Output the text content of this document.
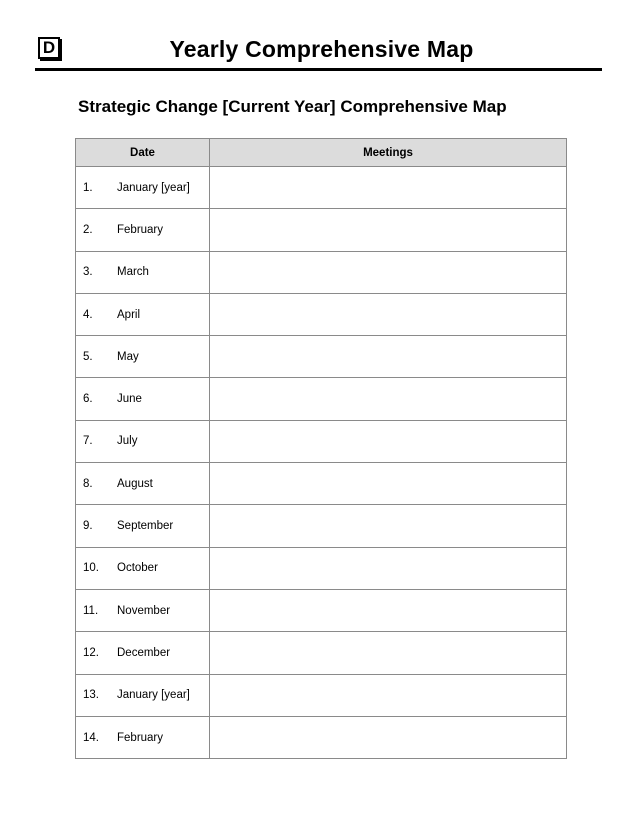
D	Yearly Comprehensive Map
Strategic Change [Current Year] Comprehensive Map
Date	Meetings
1. January [year]	
2. February	
3. March	
4. April	
5. May	
6. June	
7. July	
8. August	
9. September	
10. October	
11. November	
12. December	
13. January [year]	
14. February	
